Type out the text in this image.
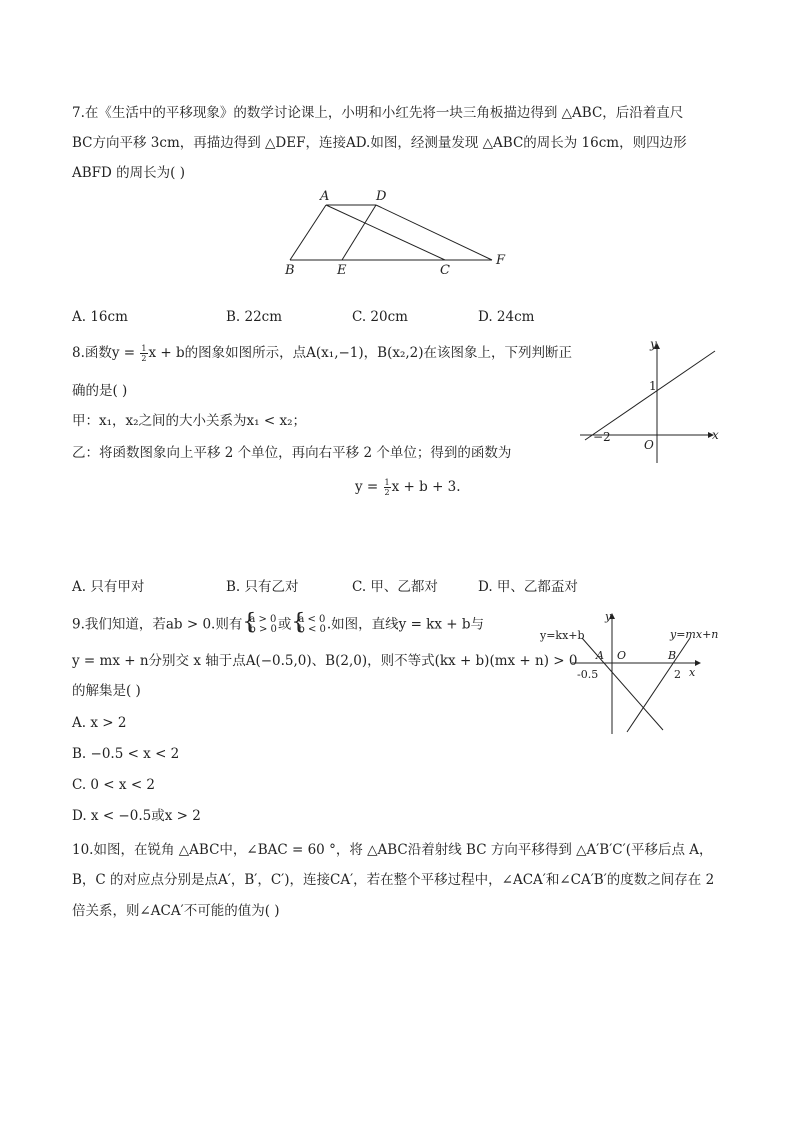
7.在《生活中的平移现象》的数学讨论课上，小明和小红先将一块三角板描边得到 △ABC，后沿着直尺
BC方向平移 3cm，再描边得到 △DEF，连接AD.如图，经测量发现 △ABC的周长为 16cm，则四边形
ABFD 的周长为( )
A	D
B	E	C
F
A. 16cm	B. 22cm	C. 20cm	D. 24cm
8.函数$y = \frac{1}{2}$ x + b的图象如图所示，点A(x₁,−1)，B(x₂,2)在该图象上，下列判断正
确的是( )
甲：x₁，x₂之间的大小关系为x₁ < x₂；
乙：将函数图象向上平移 2 个单位，再向右平移 2 个单位；得到的函数为
$y = \frac{1}{2}$ x + b + 3.
y
x
O
1
−2
A. 只有甲对	B. 只有乙对	C. 甲、乙都对	D. 甲、乙都盃对
9.我们知道，若ab > 0.则有 { a > 0
b > 0 或 { a < 0
b < 0 .如图，直线y = kx + b与
y = mx + n分别交 x 轴于点A(−0.5,0)、B(2,0)，则不等式(kx + b)(mx + n) > 0
的解集是( )
y=kx+b	y=mx+n
y
x
A O	B
-0.5	2
A. x > 2
B. −0.5 < x < 2
C. 0 < x < 2
D. x < −0.5或x > 2
10.如图，在锐角 △ABC中，∠BAC = 60 °，将 △ABC沿着射线 BC 方向平移得到 △A′B′C′(平移后点 A，
B，C 的对应点分别是点A′，B′，C′)，连接CA′，若在整个平移过程中，∠ACA′和∠CA′B′的度数之间存在 2
倍关系，则∠ACA′不可能的值为( )
